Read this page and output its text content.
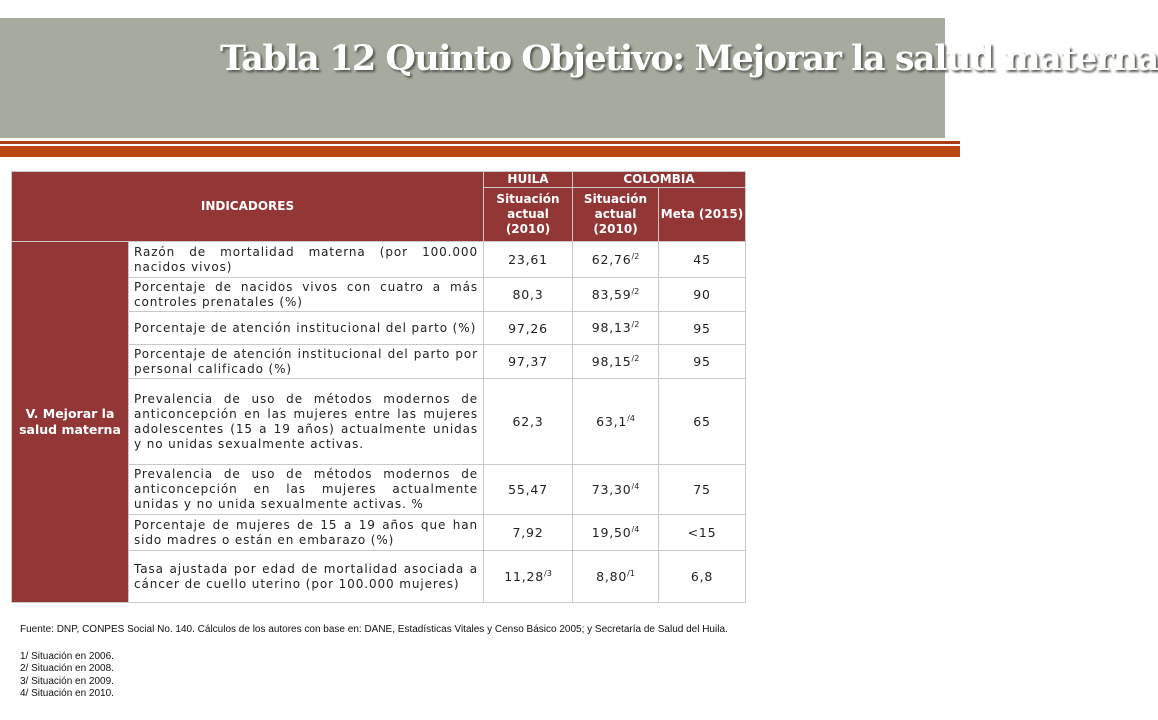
Tabla 12 Quinto Objetivo: Mejorar la salud materna
INDICADORES		HUILA	COLOMBIA	
		Situación actual (2010)	Situación actual (2010)	Meta (2015)
V. Mejorar la salud materna	Razón de mortalidad materna (por 100.000 nacidos vivos)	23,61	$62,76^{/2}$	45
	Porcentaje de nacidos vivos con cuatro a más controles prenatales (%)	80,3	$83,59^{/2}$	90
	Porcentaje de atención institucional del parto (%)	97,26	$98,13^{/2}$	95
	Porcentaje de atención institucional del parto por personal calificado (%)	97,37	$98,15^{/2}$	95
	Prevalencia de uso de métodos modernos de anticoncepción en las mujeres entre las mujeres adolescentes (15 a 19 años) actualmente unidas y no unidas sexualmente activas.	62,3	$63,1^{/4}$	65
	Prevalencia de uso de métodos modernos de anticoncepción en las mujeres actualmente unidas y no unida sexualmente activas. %	55,47	$73,30^{/4}$	75
	Porcentaje de mujeres de 15 a 19 años que han sido madres o están en embarazo (%)	7,92	$19,50^{/4}$	<15
	Tasa ajustada por edad de mortalidad asociada a cáncer de cuello uterino (por 100.000 mujeres)	$11,28^{/3}$	$8,80^{/1}$	6,8
Fuente: DNP, CONPES Social No. 140. Cálculos de los autores con base en: DANE, Estadísticas Vitales y Censo Básico 2005; y Secretaría de Salud del Huila.
1/ Situación en 2006.
2/ Situación en 2008.
3/ Situación en 2009.
4/ Situación en 2010.
